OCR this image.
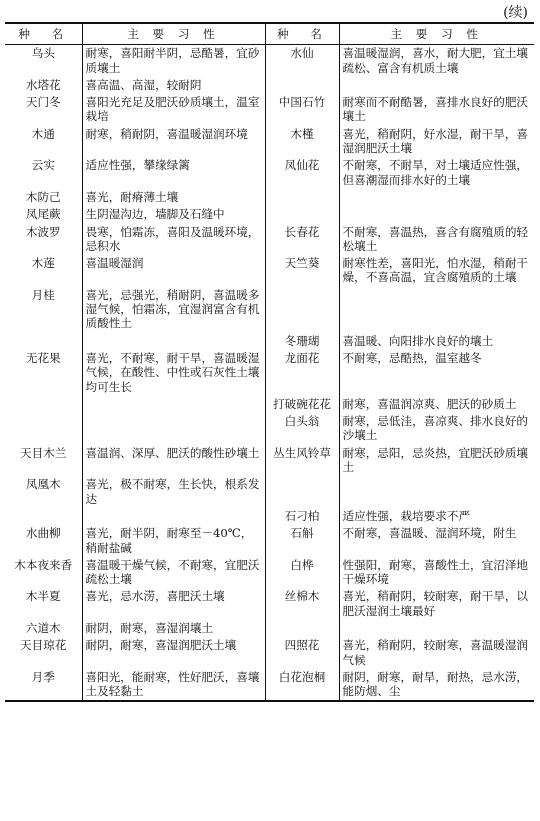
(续)
种　名	主 要 习 性	种　名	主 要 习 性
乌头	耐寒，喜阳耐半阴，忌酷暑，宜砂质壤土	水仙	喜温暖湿润，喜水，耐大肥，宜土壤疏松、富含有机质土壤
水塔花	喜高温、高湿，较耐阴		
天门冬	喜阳光充足及肥沃砂质壤土，温室栽培	中国石竹	耐寒而不耐酷暑，喜排水良好的肥沃壤土
木通	耐寒，稍耐阴，喜温暖湿润环境	木槿	喜光，稍耐阴，好水湿，耐干旱，喜湿润肥沃土壤
云实	适应性强，攀缘绿篱	凤仙花	不耐寒，不耐旱，对土壤适应性强，但喜潮湿而排水好的土壤
木防己	喜光，耐瘠薄土壤		
凤尾蕨	生阴湿沟边，墙脚及石缝中		
木波罗	畏寒，怕霜冻，喜阳及温暖环境，忌积水	长春花	不耐寒，喜温热，喜含有腐殖质的轻松壤土
木莲	喜温暖湿润	天竺葵	耐寒性差，喜阳光，怕水湿，稍耐干燥，不喜高温，宜含腐殖质的土壤
月桂	喜光，忌强光，稍耐阴，喜温暖多湿气候，怕霜冻，宜湿润富含有机质酸性土		
		冬珊瑚	喜温暖、向阳排水良好的壤土
无花果	喜光，不耐寒，耐干旱，喜温暖湿气候，在酸性、中性或石灰性土壤均可生长	龙面花	不耐寒，忌酷热，温室越冬
		打破碗花花	耐寒，喜温润凉爽、肥沃的砂质土
		白头翁	耐寒，忌低洼，喜凉爽、排水良好的沙壤土
天目木兰	喜温润、深厚、肥沃的酸性砂壤土	丛生风铃草	耐寒，忌阳，忌炎热，宜肥沃砂质壤土
凤凰木	喜光，极不耐寒，生长快，根系发达		
		石刁柏	适应性强，栽培要求不严
水曲柳	喜光，耐半阴，耐寒至－40℃，稍耐盐碱	石斛	不耐寒，喜温暖、湿润环境，附生
木本夜来香	喜温暖干燥气候，不耐寒，宜肥沃疏松土壤	白桦	性强阳，耐寒，喜酸性土，宜沼泽地干燥环境
木半夏	喜光，忌水涝，喜肥沃土壤	丝棉木	喜光，稍耐阴，较耐寒，耐干旱，以肥沃湿润土壤最好
六道木	耐阴，耐寒，喜湿润壤土		
天目琼花	耐阴，耐寒，喜湿润肥沃土壤	四照花	喜光，稍耐阴，较耐寒，喜温暖湿润气候
月季	喜阳光，能耐寒，性好肥沃，喜壤土及轻黏土	白花泡桐	耐阴，耐寒，耐旱，耐热，忌水涝，能防烟、尘
